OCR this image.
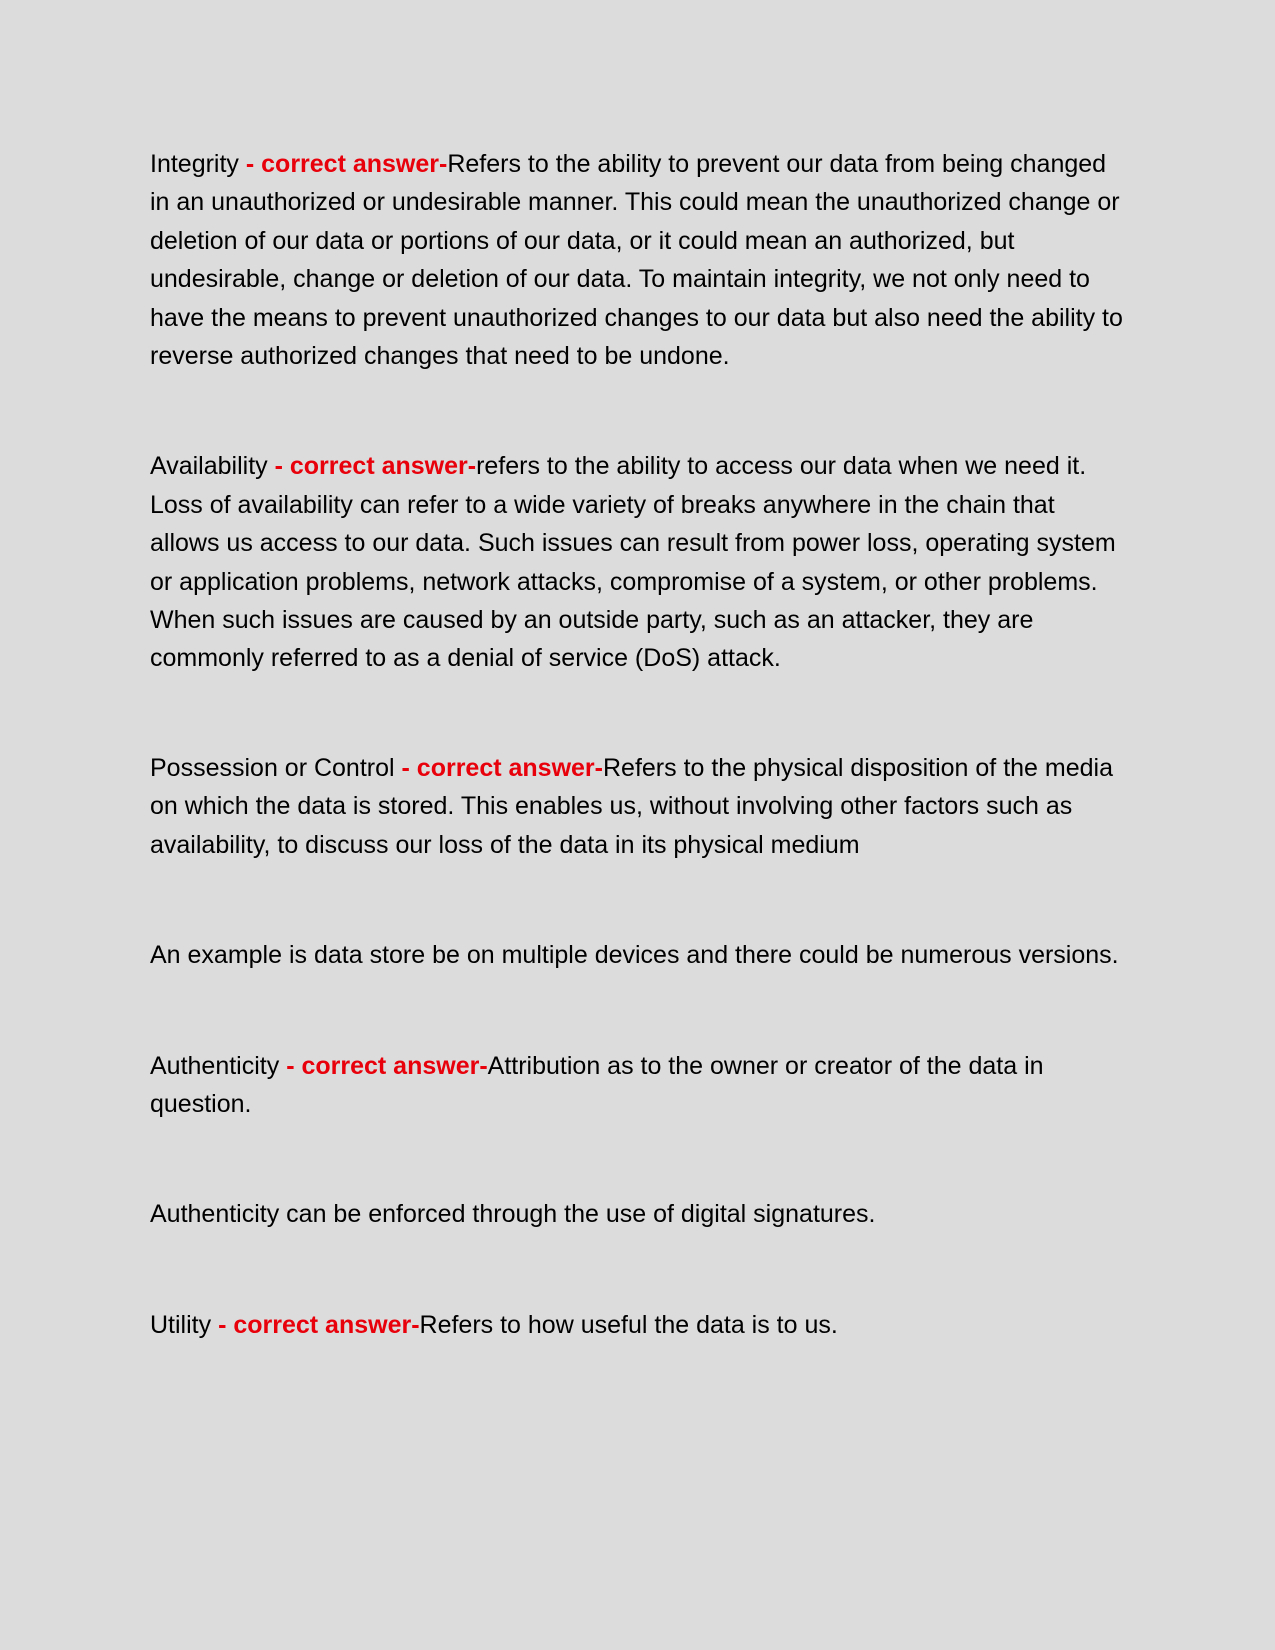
Integrity - correct answer-Refers to the ability to prevent our data from being changed in an unauthorized or undesirable manner. This could mean the unauthorized change or deletion of our data or portions of our data, or it could mean an authorized, but undesirable, change or deletion of our data. To maintain integrity, we not only need to have the means to prevent unauthorized changes to our data but also need the ability to reverse authorized changes that need to be undone.

Availability - correct answer-refers to the ability to access our data when we need it. Loss of availability can refer to a wide variety of breaks anywhere in the chain that allows us access to our data. Such issues can result from power loss, operating system or application problems, network attacks, compromise of a system, or other problems. When such issues are caused by an outside party, such as an attacker, they are commonly referred to as a denial of service (DoS) attack.

Possession or Control - correct answer-Refers to the physical disposition of the media on which the data is stored. This enables us, without involving other factors such as availability, to discuss our loss of the data in its physical medium

An example is data store be on multiple devices and there could be numerous versions.

Authenticity - correct answer-Attribution as to the owner or creator of the data in question.

Authenticity can be enforced through the use of digital signatures.

Utility - correct answer-Refers to how useful the data is to us.
